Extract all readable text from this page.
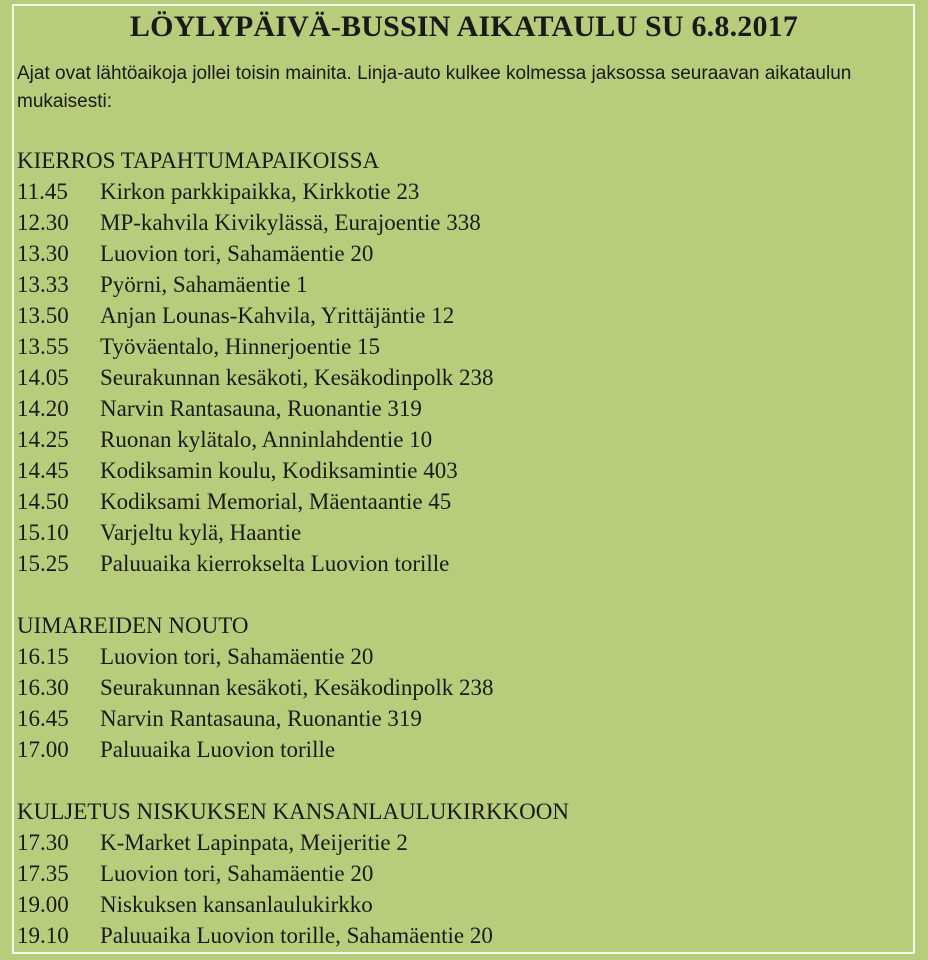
LÖYLYPÄIVÄ-BUSSIN AIKATAULU SU 6.8.2017
Ajat ovat lähtöaikoja jollei toisin mainita. Linja-auto kulkee kolmessa jaksossa seuraavan aikataulun mukaisesti:
KIERROS TAPAHTUMAPAIKOISSA
11.45	Kirkon parkkipaikka, Kirkkotie 23
12.30	MP-kahvila Kivikylässä, Eurajoentie 338
13.30	Luovion tori, Sahamäentie 20
13.33	Pyörni, Sahamäentie 1
13.50	Anjan Lounas-Kahvila, Yrittäjäntie 12
13.55	Työväentalo, Hinnerjoentie 15
14.05	Seurakunnan kesäkoti, Kesäkodinpolk 238
14.20	Narvin Rantasauna, Ruonantie 319
14.25	Ruonan kylätalo, Anninlahdentie 10
14.45	Kodiksamin koulu, Kodiksamintie 403
14.50	Kodiksami Memorial, Mäentaantie 45
15.10	Varjeltu kylä, Haantie
15.25	Paluuaika kierrokselta Luovion torille
UIMAREIDEN NOUTO
16.15	Luovion tori, Sahamäentie 20
16.30	Seurakunnan kesäkoti, Kesäkodinpolk 238
16.45	Narvin Rantasauna, Ruonantie 319
17.00	Paluuaika Luovion torille
KULJETUS NISKUKSEN KANSANLAULUKIRKKOON
17.30	K-Market Lapinpata, Meijeritie 2
17.35	Luovion tori, Sahamäentie 20
19.00	Niskuksen kansanlaulukirkko
19.10	Paluuaika Luovion torille, Sahamäentie 20
